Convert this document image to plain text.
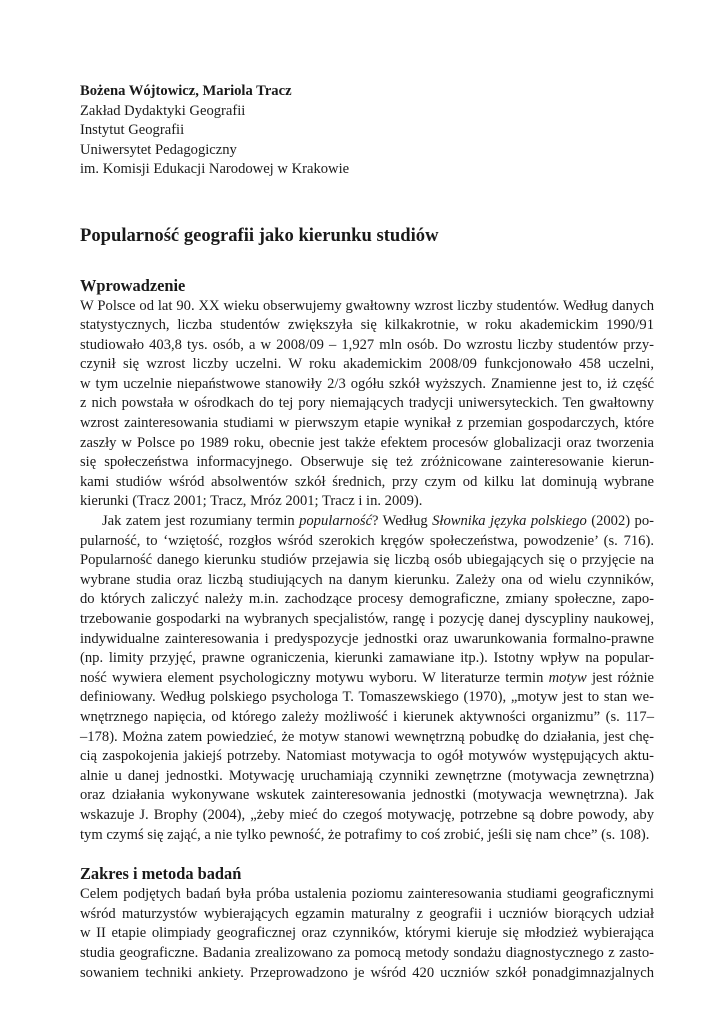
Bożena Wójtowicz, Mariola Tracz
Zakład Dydaktyki Geografii
Instytut Geografii
Uniwersytet Pedagogiczny
im. Komisji Edukacji Narodowej w Krakowie
Popularność geografii jako kierunku studiów
Wprowadzenie
W Polsce od lat 90. XX wieku obserwujemy gwałtowny wzrost liczby studentów. Według danych
statystycznych, liczba studentów zwiększyła się kilkakrotnie, w roku akademickim 1990/91
studiowało 403,8 tys. osób, a w 2008/09 – 1,927 mln osób. Do wzrostu liczby studentów przy-
czynił się wzrost liczby uczelni. W roku akademickim 2008/09 funkcjonowało 458 uczelni,
w tym uczelnie niepaństwowe stanowiły 2/3 ogółu szkół wyższych. Znamienne jest to, iż część
z nich powstała w ośrodkach do tej pory niemających tradycji uniwersyteckich. Ten gwałtowny
wzrost zainteresowania studiami w pierwszym etapie wynikał z przemian gospodarczych, które
zaszły w Polsce po 1989 roku, obecnie jest także efektem procesów globalizacji oraz tworzenia
się społeczeństwa informacyjnego. Obserwuje się też zróżnicowane zainteresowanie kierun-
kami studiów wśród absolwentów szkół średnich, przy czym od kilku lat dominują wybrane
kierunki (Tracz 2001; Tracz, Mróz 2001; Tracz i in. 2009).
Jak zatem jest rozumiany termin popularność? Według Słownika języka polskiego (2002) po-
pularność, to ‘wziętość, rozgłos wśród szerokich kręgów społeczeństwa, powodzenie’ (s. 716).
Popularność danego kierunku studiów przejawia się liczbą osób ubiegających się o przyjęcie na
wybrane studia oraz liczbą studiujących na danym kierunku. Zależy ona od wielu czynników,
do których zaliczyć należy m.in. zachodzące procesy demograficzne, zmiany społeczne, zapo-
trzebowanie gospodarki na wybranych specjalistów, rangę i pozycję danej dyscypliny naukowej,
indywidualne zainteresowania i predyspozycje jednostki oraz uwarunkowania formalno-prawne
(np. limity przyjęć, prawne ograniczenia, kierunki zamawiane itp.). Istotny wpływ na popular-
ność wywiera element psychologiczny motywu wyboru. W literaturze termin motyw jest różnie
definiowany. Według polskiego psychologa T. Tomaszewskiego (1970), „motyw jest to stan we-
wnętrznego napięcia, od którego zależy możliwość i kierunek aktywności organizmu” (s. 117–
–178). Można zatem powiedzieć, że motyw stanowi wewnętrzną pobudkę do działania, jest chę-
cią zaspokojenia jakiejś potrzeby. Natomiast motywacja to ogół motywów występujących aktu-
alnie u danej jednostki. Motywację uruchamiają czynniki zewnętrzne (motywacja zewnętrzna)
oraz działania wykonywane wskutek zainteresowania jednostki (motywacja wewnętrzna). Jak
wskazuje J. Brophy (2004), „żeby mieć do czegoś motywację, potrzebne są dobre powody, aby
tym czymś się zająć, a nie tylko pewność, że potrafimy to coś zrobić, jeśli się nam chce” (s. 108).
Zakres i metoda badań
Celem podjętych badań była próba ustalenia poziomu zainteresowania studiami geograficznymi
wśród maturzystów wybierających egzamin maturalny z geografii i uczniów biorących udział
w II etapie olimpiady geograficznej oraz czynników, którymi kieruje się młodzież wybierająca
studia geograficzne. Badania zrealizowano za pomocą metody sondażu diagnostycznego z zasto-
sowaniem techniki ankiety. Przeprowadzono je wśród 420 uczniów szkół ponadgimnazjalnych
